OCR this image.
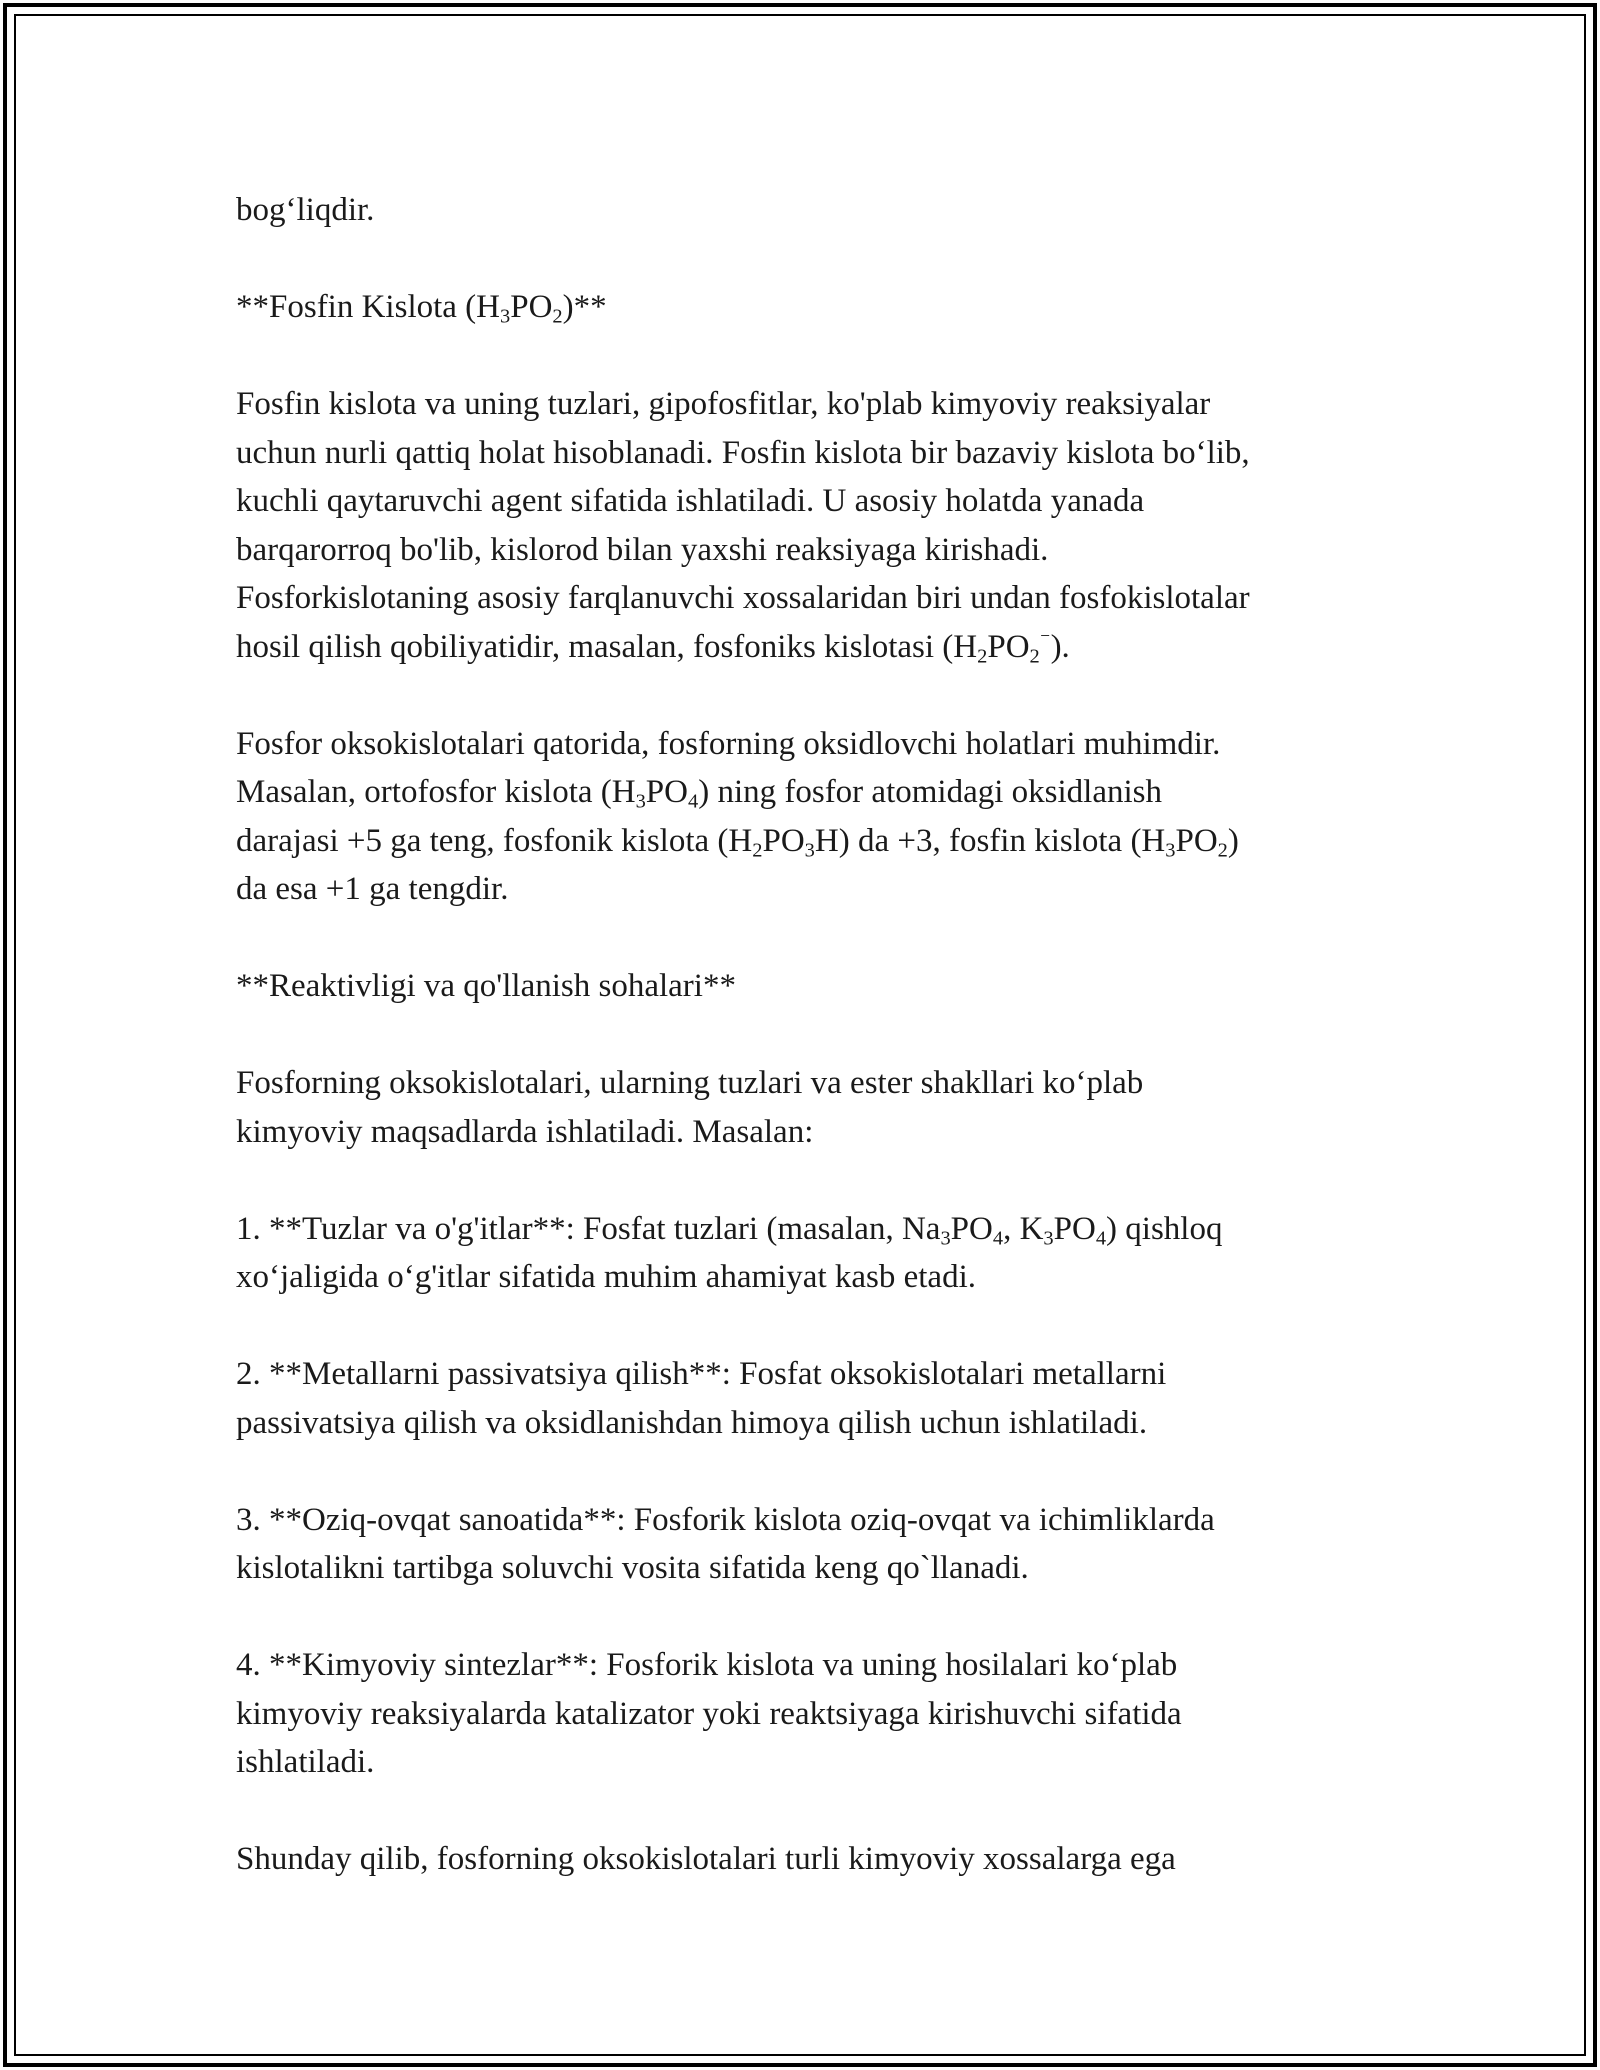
bog‘liqdir.
**Fosfin Kislota $(H_3PO_2)**$
Fosfin kislota va uning tuzlari, gipofosfitlar, ko'plab kimyoviy reaksiyalar
uchun nurli qattiq holat hisoblanadi. Fosfin kislota bir bazaviy kislota bo‘lib,
kuchli qaytaruvchi agent sifatida ishlatiladi. U asosiy holatda yanada
barqarorroq bo'lib, kislorod bilan yaxshi reaksiyaga kirishadi.
Fosforkislotaning asosiy farqlanuvchi xossalaridan biri undan fosfokislotalar
hosil qilish qobiliyatidir, masalan, fosfoniks kislotasi $(H_2PO_2^{^-})$.
Fosfor oksokislotalari qatorida, fosforning oksidlovchi holatlari muhimdir.
Masalan, ortofosfor kislota $(H_3PO_4)$ ning fosfor atomidagi oksidlanish
darajasi +5 ga teng, fosfonik kislota $(H_2PO_3H)$ da +3, fosfin kislota $(H_3PO_2)$
da esa +1 ga tengdir.
**Reaktivligi va qo'llanish sohalari**
Fosforning oksokislotalari, ularning tuzlari va ester shakllari ko‘plab
kimyoviy maqsadlarda ishlatiladi. Masalan:
1. **Tuzlar va o'g'itlar**: Fosfat tuzlari (masalan, $Na_3PO_4$, $K_3PO_4$) qishloq
xo‘jaligida o‘g'itlar sifatida muhim ahamiyat kasb etadi.
2. **Metallarni passivatsiya qilish**: Fosfat oksokislotalari metallarni
passivatsiya qilish va oksidlanishdan himoya qilish uchun ishlatiladi.
3. **Oziq-ovqat sanoatida**: Fosforik kislota oziq-ovqat va ichimliklarda
kislotalikni tartibga soluvchi vosita sifatida keng qo`llanadi.
4. **Kimyoviy sintezlar**: Fosforik kislota va uning hosilalari ko‘plab
kimyoviy reaksiyalarda katalizator yoki reaktsiyaga kirishuvchi sifatida
ishlatiladi.
Shunday qilib, fosforning oksokislotalari turli kimyoviy xossalarga ega
